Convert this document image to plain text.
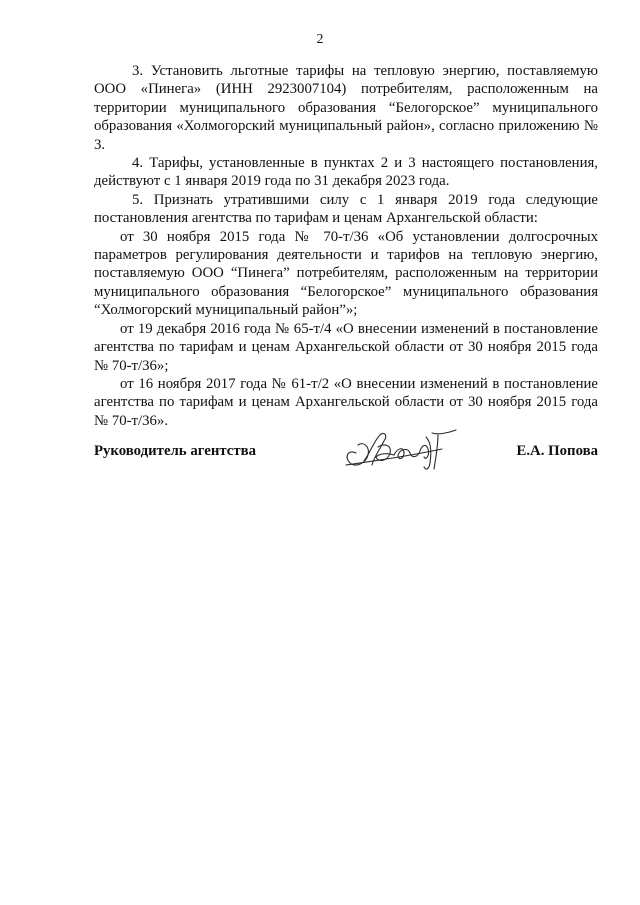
2

3. Установить льготные тарифы на тепловую энергию, поставляемую ООО «Пинега» (ИНН 2923007104) потребителям, расположенным на территории муниципального образования “Белогорское” муниципального образования «Холмогорский муниципальный район», согласно приложению № 3.

4. Тарифы, установленные в пунктах 2 и 3 настоящего постановления, действуют с 1 января 2019 года по 31 декабря 2023 года.

5. Признать утратившими силу с 1 января 2019 года следующие постановления агентства по тарифам и ценам Архангельской области:

от 30 ноября 2015 года № 70-т/36 «Об установлении долгосрочных параметров регулирования деятельности и тарифов на тепловую энергию, поставляемую ООО “Пинега” потребителям, расположенным на территории муниципального образования “Белогорское” муниципального образования “Холмогорский муниципальный район”»;

от 19 декабря 2016 года № 65-т/4 «О внесении изменений в постановление агентства по тарифам и ценам Архангельской области от 30 ноября 2015 года № 70-т/36»;

от 16 ноября 2017 года № 61-т/2 «О внесении изменений в постановление агентства по тарифам и ценам Архангельской области от 30 ноября 2015 года № 70-т/36».

Руководитель агентства	Е.А. Попова
